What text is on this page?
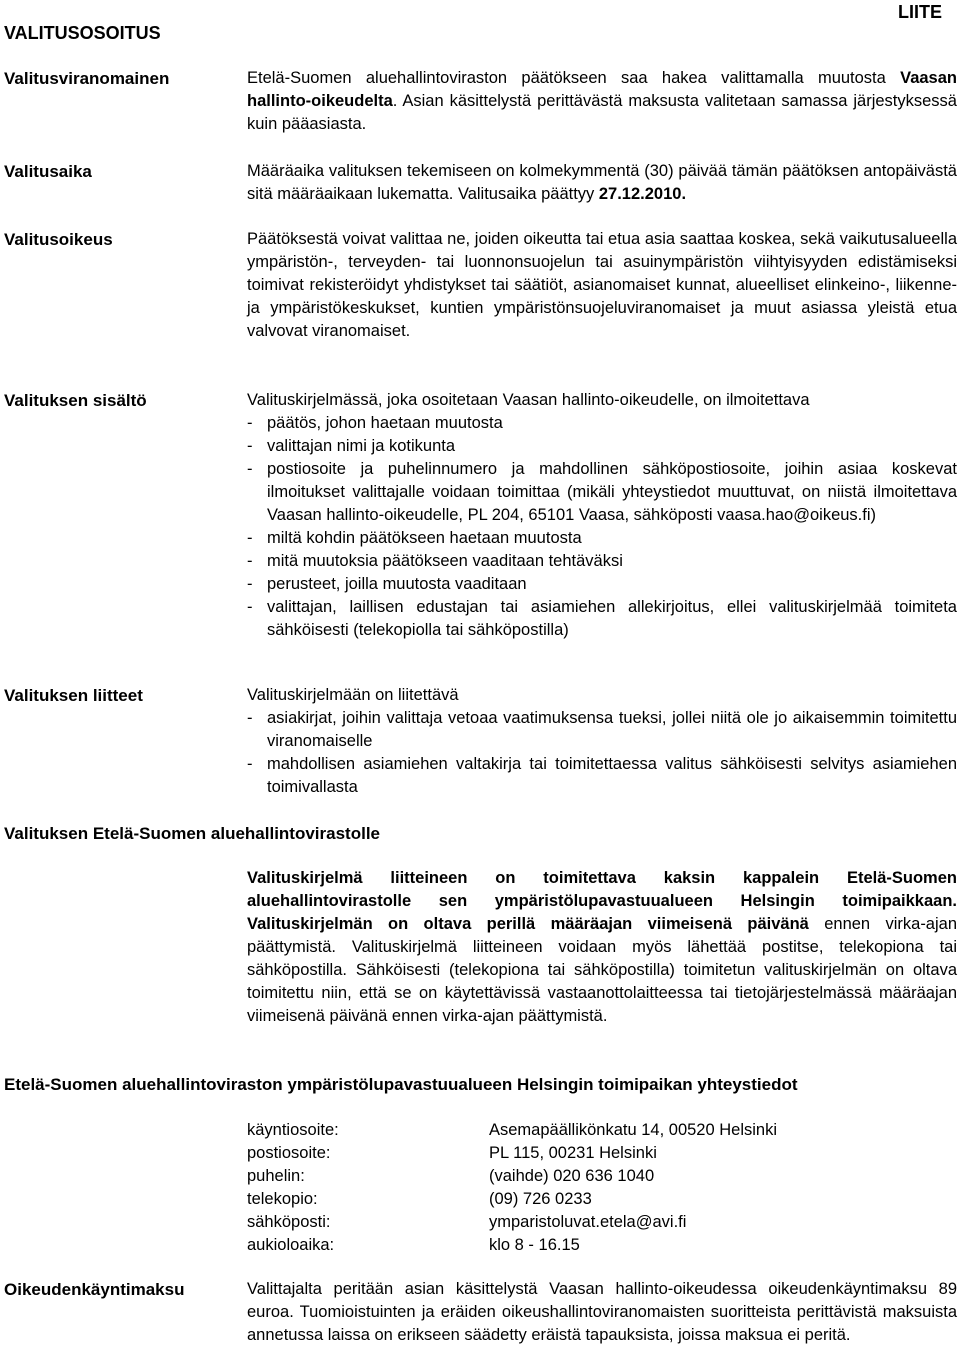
VALITUSOSOITUS
LIITE
Valitusviranomainen	Etelä-Suomen aluehallintoviraston päätökseen saa hakea valittamalla muutosta Vaasan hallinto-oikeudelta. Asian käsittelystä perittävästä maksusta valitetaan samassa järjestyksessä kuin pääasiasta.

Valitusaika	Määräaika valituksen tekemiseen on kolmekymmentä (30) päivää tämän päätöksen antopäivästä sitä määräaikaan lukematta. Valitusaika päättyy 27.12.2010.

Valitusoikeus	Päätöksestä voivat valittaa ne, joiden oikeutta tai etua asia saattaa koskea, sekä vaikutusalueella ympäristön-, terveyden- tai luonnonsuojelun tai asuinympäristön viihtyisyyden edistämiseksi toimivat rekisteröidyt yhdistykset tai säätiöt, asianomaiset kunnat, alueelliset elinkeino-, liikenne- ja ympäristökeskukset, kuntien ympäristönsuojeluviranomaiset ja muut asiassa yleistä etua valvovat viranomaiset.

Valituksen sisältö	Valituskirjelmässä, joka osoitetaan Vaasan hallinto-oikeudelle, on ilmoitettava

- päätös, johon haetaan muutosta
- valittajan nimi ja kotikunta
- postiosoite ja puhelinnumero ja mahdollinen sähköpostiosoite, joihin asiaa koskevat ilmoitukset valittajalle voidaan toimittaa (mikäli yhteystiedot muuttuvat, on niistä ilmoitettava Vaasan hallinto-oikeudelle, PL 204, 65101 Vaasa, sähköposti vaasa.hao@oikeus.fi)
- miltä kohdin päätökseen haetaan muutosta
- mitä muutoksia päätökseen vaaditaan tehtäväksi
- perusteet, joilla muutosta vaaditaan
- valittajan, laillisen edustajan tai asiamiehen allekirjoitus, ellei valituskirjelmää toimiteta sähköisesti (telekopiolla tai sähköpostilla)
Valituksen liitteet	Valituskirjelmään on liitettävä

- asiakirjat, joihin valittaja vetoaa vaatimuksensa tueksi, jollei niitä ole jo aikaisemmin toimitettu viranomaiselle
- mahdollisen asiamiehen valtakirja tai toimitettaessa valitus sähköisesti selvitys asiamiehen toimivallasta
Valituksen Etelä-Suomen aluehallintovirastolle

Valituskirjelmä liitteineen on toimitettava kaksin kappalein Etelä-Suomen aluehallintovirastolle sen ympäristölupavastuualueen Helsingin toimipaikkaan. Valituskirjelmän on oltava perillä määräajan viimeisenä päivänä ennen virka-ajan päättymistä. Valituskirjelmä liitteineen voidaan myös lähettää postitse, telekopiona tai sähköpostilla. Sähköisesti (telekopiona tai sähköpostilla) toimitetun valituskirjelmän on oltava toimitettu niin, että se on käytettävissä vastaanottolaitteessa tai tietojärjestelmässä määräajan viimeisenä päivänä ennen virka-ajan päättymistä.

Etelä-Suomen aluehallintoviraston ympäristölupavastuualueen Helsingin toimipaikan yhteystiedot
käyntiosoite:	Asemapäällikönkatu 14, 00520 Helsinki
postiosoite:	PL 115, 00231 Helsinki
puhelin:	(vaihde) 020 636 1040
telekopio:	(09) 726 0233
sähköposti:	ymparistoluvat.etela@avi.fi
aukioloaika:	klo 8 - 16.15
Oikeudenkäyntimaksu	Valittajalta peritään asian käsittelystä Vaasan hallinto-oikeudessa oikeudenkäyntimaksu 89 euroa. Tuomioistuinten ja eräiden oikeushallintoviranomaisten suoritteista perittävistä maksuista annetussa laissa on erikseen säädetty eräistä tapauksista, joissa maksua ei peritä.
